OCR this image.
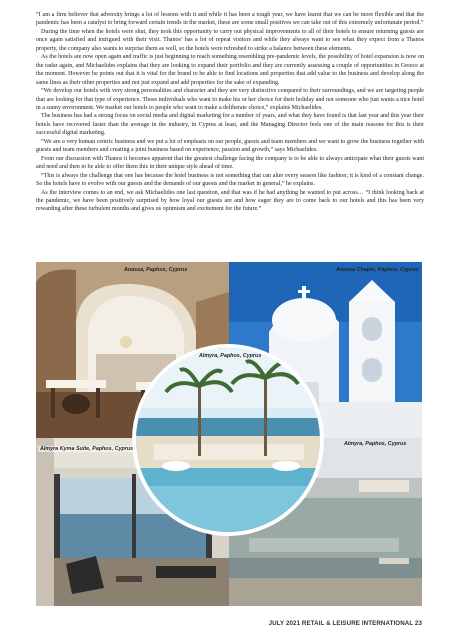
“I am a firm believer that adversity brings a lot of lessons with it and while it has been a tough year, we have learnt that we can be more flexible and that the pandemic has been a catalyst to bring forward certain trends in the market, these are some small positives we can take out of this extremely unfortunate period.”

During the time when the hotels were shut, they took this opportunity to carry out physical improvements to all of their hotels to ensure returning guests are once again satisfied and intrigued with their visit. Thanos’ has a lot of repeat visitors and while they always want to see what they expect from a Thanos property, the company also wants to surprise them as well, so the hotels were refreshed to strike a balance between these elements.

As the hotels are now open again and traffic is just beginning to reach something resembling pre-pandemic levels, the possibility of hotel expansion is now on the radar again, and Michaelides explains that they are looking to expand their portfolio and they are currently assessing a couple of opportunities in Greece at the moment. However he points out that it is vital for the brand to be able to find locations and properties that add value to the business and develop along the same lines as their other properties and not just expand and add properties for the sake of expanding.

“We develop our hotels with very strong personalities and character and they are very distinctive compared to their surroundings, and we are targeting people that are looking for that type of experience. Those individuals who want to make his or her choice for their holiday and not someone who just wants a nice hotel in a sunny environment. We market our hotels to people who want to make a deliberate choice,” explains Michaelides.

The business has had a strong focus on social media and digital marketing for a number of years, and what they have found is that last year and this year their hotels have recovered faster than the average in the industry, in Cyprus at least, and the Managing Director feels one of the main reasons for this is their successful digital marketing.

“We are a very human centric business and we put a lot of emphasis on our people, guests and team members and we want to grow the business together with guests and team members and creating a joint business based on experience, passion and growth,” says Michaelides.

From our discussion with Thanos it becomes apparent that the greatest challenge facing the company is to be able to always anticipate what their guests want and need and then to be able to offer them this in their unique style ahead of time.

“This is always the challenge that one has because the hotel business is not something that can alter every season like fashion; it is kind of a constant change. So the hotels have to evolve with our guests and the demands of our guests and the market in general,” he explains.

As the interview comes to an end, we ask Michaelides one last question, and that was if he had anything he wanted to put across… “I think looking back at the pandemic, we have been positively surprised by how loyal our guests are and how eager they are to come back to our hotels and this has been very rewarding after these turbulent months and gives us optimism and excitement for the future.”

Anassa, Paphos, Cyprus	Anassa Chapel, Paphos, Cyprus
Almyra, Paphos, Cyprus
Almyra Kyma Suite, Paphos, Cyprus
Almyra, Paphos, Cyprus
JULY 2021 RETAIL & LEISURE INTERNATIONAL 23
